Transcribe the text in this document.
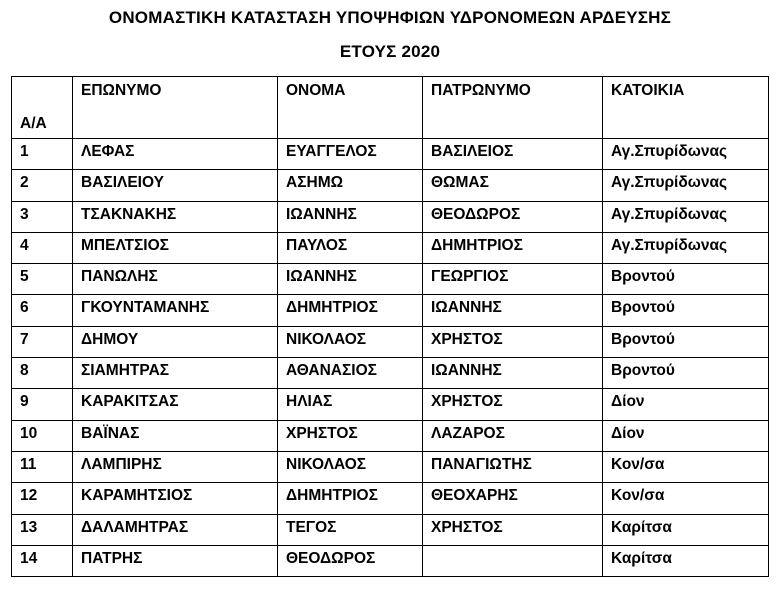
ΟΝΟΜΑΣΤΙΚΗ ΚΑΤΑΣΤΑΣΗ ΥΠΟΨΗΦΙΩΝ ΥΔΡΟΝΟΜΕΩΝ ΑΡΔΕΥΣΗΣ
ΕΤΟΥΣ 2020
Α/Α	ΕΠΩΝΥΜΟ	ΟΝΟΜΑ	ΠΑΤΡΩΝΥΜΟ	ΚΑΤΟΙΚΙΑ
1	ΛΕΦΑΣ	ΕΥΑΓΓΕΛΟΣ	ΒΑΣΙΛΕΙΟΣ	Αγ.Σπυρίδωνας
2	ΒΑΣΙΛΕΙΟΥ	ΑΣΗΜΩ	ΘΩΜΑΣ	Αγ.Σπυρίδωνας
3	ΤΣΑΚΝΑΚΗΣ	ΙΩΑΝΝΗΣ	ΘΕΟΔΩΡΟΣ	Αγ.Σπυρίδωνας
4	ΜΠΕΛΤΣΙΟΣ	ΠΑΥΛΟΣ	ΔΗΜΗΤΡΙΟΣ	Αγ.Σπυρίδωνας
5	ΠΑΝΩΛΗΣ	ΙΩΑΝΝΗΣ	ΓΕΩΡΓΙΟΣ	Βροντού
6	ΓΚΟΥΝΤΑΜΑΝΗΣ	ΔΗΜΗΤΡΙΟΣ	ΙΩΑΝΝΗΣ	Βροντού
7	ΔΗΜΟΥ	ΝΙΚΟΛΑΟΣ	ΧΡΗΣΤΟΣ	Βροντού
8	ΣΙΑΜΗΤΡΑΣ	ΑΘΑΝΑΣΙΟΣ	ΙΩΑΝΝΗΣ	Βροντού
9	ΚΑΡΑΚΙΤΣΑΣ	ΗΛΙΑΣ	ΧΡΗΣΤΟΣ	Δίον
10	ΒΑΪΝΑΣ	ΧΡΗΣΤΟΣ	ΛΑΖΑΡΟΣ	Δίον
11	ΛΑΜΠΙΡΗΣ	ΝΙΚΟΛΑΟΣ	ΠΑΝΑΓΙΩΤΗΣ	Κον/σα
12	ΚΑΡΑΜΗΤΣΙΟΣ	ΔΗΜΗΤΡΙΟΣ	ΘΕΟΧΑΡΗΣ	Κον/σα
13	ΔΑΛΑΜΗΤΡΑΣ	ΤΕΓΟΣ	ΧΡΗΣΤΟΣ	Καρίτσα
14	ΠΑΤΡΗΣ	ΘΕΟΔΩΡΟΣ		Καρίτσα
